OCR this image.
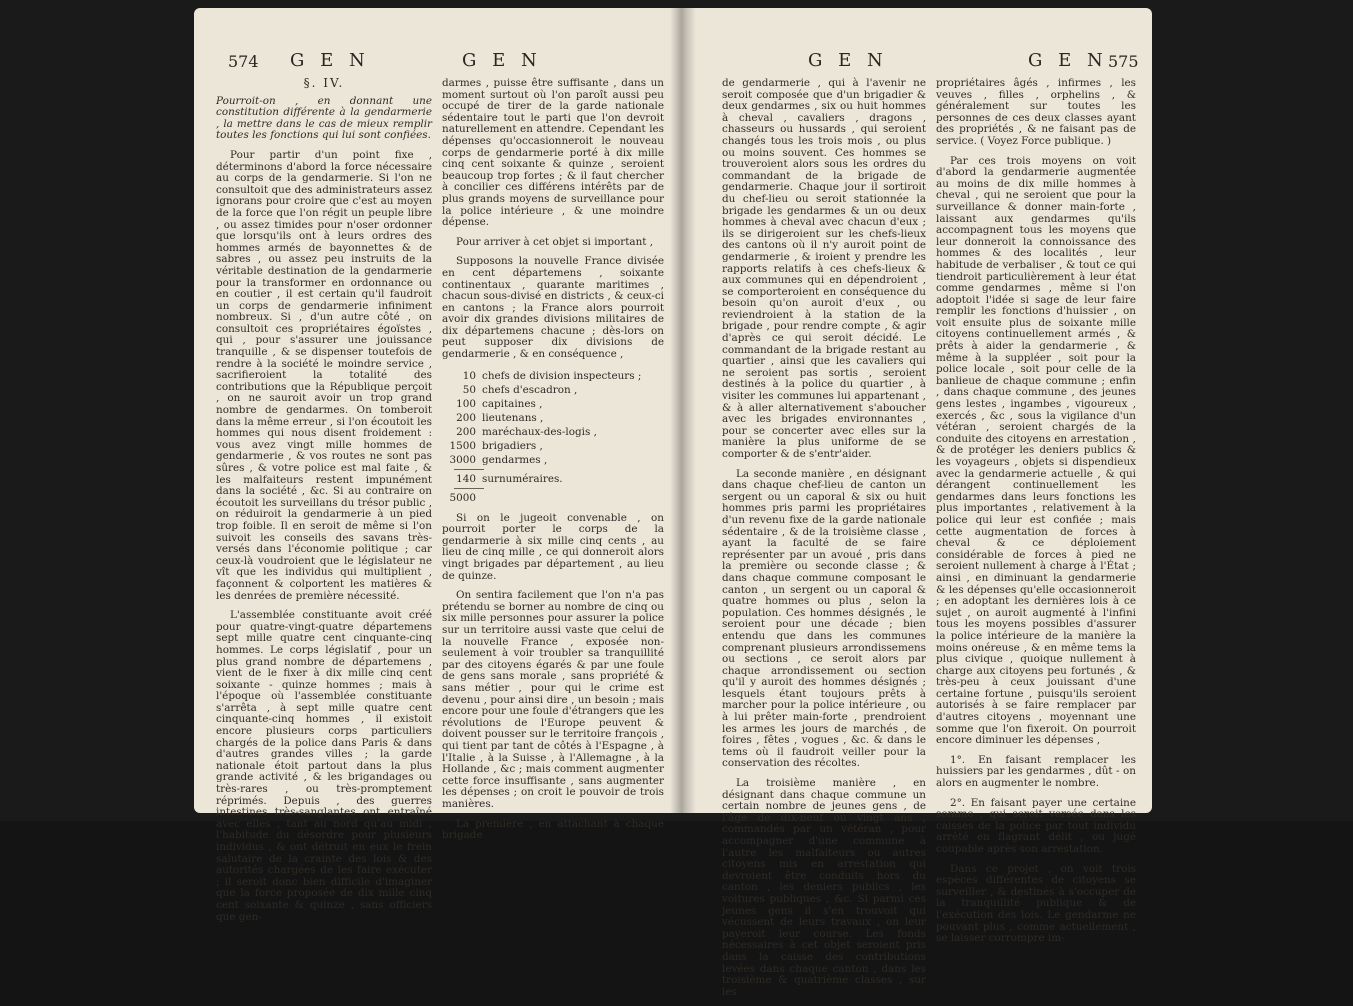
574 G E N	G E N
§. IV.

Pourroit-on , en donnant une constitution différente à la gendarmerie , la mettre dans le cas de mieux remplir toutes les fonctions qui lui sont confiées.

Pour partir d'un point fixe , déterminons d'abord la force nécessaire au corps de la gendarmerie. Si l'on ne consultoit que des administrateurs assez ignorans pour croire que c'est au moyen de la force que l'on régit un peuple libre , ou assez timides pour n'oser ordonner que lorsqu'ils ont à leurs ordres des hommes armés de bayonnettes & de sabres , ou assez peu instruits de la véritable destination de la gendarmerie pour la transformer en ordonnance ou en coutier , il est certain qu'il faudroit un corps de gendarmerie infiniment nombreux. Si , d'un autre côté , on consultoit ces propriétaires égoïstes , qui , pour s'assurer une jouissance tranquille , & se dispenser toutefois de rendre à la société le moindre service , sacrifieroient la totalité des contributions que la République perçoit , on ne sauroit avoir un trop grand nombre de gendarmes. On tomberoit dans la même erreur , si l'on écoutoit les hommes qui nous disent froidement : vous avez vingt mille hommes de gendarmerie , & vos routes ne sont pas sûres , & votre police est mal faite , & les malfaiteurs restent impunément dans la société , &c. Si au contraire on écoutoit les surveillans du trésor public , on réduiroit la gendarmerie à un pied trop foible. Il en seroit de même si l'on suivoit les conseils des savans très-versés dans l'économie politique ; car ceux-là voudroient que le législateur ne vît que les individus qui multiplient , façonnent & colportent les matières & les denrées de première nécessité.

L'assemblée constituante avoit créé pour quatre-vingt-quatre départemens sept mille quatre cent cinquante-cinq hommes. Le corps législatif , pour un plus grand nombre de départemens , vient de le fixer à dix mille cinq cent soixante - quinze hommes ; mais à l'époque où l'assemblée constituante s'arrêta , à sept mille quatre cent cinquante-cinq hommes , il existoit encore plusieurs corps particuliers chargés de la police dans Paris & dans d'autres grandes villes ; la garde nationale étoit partout dans la plus grande activité , & les brigandages ou très-rares , ou très-promptement réprimés. Depuis , des guerres intestines très-sanglantes ont entraîné avec elles , tant au nord qu'au midi , l'habitude du désordre pour plusieurs individus , & ont détruit en eux le frein salutaire de la crainte des lois & des autorités chargées de les faire exécuter ; il seroit donc bien difficile d'imaginer que la force proposée de dix mille cinq cent soixante & quinze , sans officiers que gen-

darmes , puisse être suffisante , dans un moment surtout où l'on paroît aussi peu occupé de tirer de la garde nationale sédentaire tout le parti que l'on devroit naturellement en attendre. Cependant les dépenses qu'occasionneroit le nouveau corps de gendarmerie porté à dix mille cinq cent soixante & quinze , seroient beaucoup trop fortes ; & il faut chercher à concilier ces différens intérêts par de plus grands moyens de surveillance pour la police intérieure , & une moindre dépense.

Pour arriver à cet objet si important ,

Supposons la nouvelle France divisée en cent départemens , soixante continentaux , quarante maritimes , chacun sous-divisé en districts , & ceux-ci en cantons ; la France alors pourroit avoir dix grandes divisions militaires de dix départemens chacune ; dès-lors on peut supposer dix divisions de gendarmerie , & en conséquence ,

10 chefs de division inspecteurs ;
50 chefs d'escadron ,
100 capitaines ,
200 lieutenans ,
200 maréchaux-des-logis ,
1500 brigadiers ,
3000 gendarmes ,
140 surnuméraires.
5000

Si on le jugeoit convenable , on pourroit porter le corps de la gendarmerie à six mille cinq cents , au lieu de cinq mille , ce qui donneroit alors vingt brigades par département , au lieu de quinze.

On sentira facilement que l'on n'a pas prétendu se borner au nombre de cinq ou six mille personnes pour assurer la police sur un territoire aussi vaste que celui de la nouvelle France , exposée non-seulement à voir troubler sa tranquillité par des citoyens égarés & par une foule de gens sans morale , sans propriété & sans métier , pour qui le crime est devenu , pour ainsi dire , un besoin ; mais encore pour une foule d'étrangers que les révolutions de l'Europe peuvent & doivent pousser sur le territoire françois , qui tient par tant de côtés à l'Espagne , à l'Italie , à la Suisse , à l'Allemagne , à la Hollande , &c ; mais comment augmenter cette force insuffisante , sans augmenter les dépenses ; on croit le pouvoir de trois manières.

La première , en attachant à chaque brigade

G E N	G E N 575

de gendarmerie , qui à l'avenir ne seroit composée que d'un brigadier & deux gendarmes , six ou huit hommes à cheval , cavaliers , dragons , chasseurs ou hussards , qui seroient changés tous les trois mois , ou plus ou moins souvent. Ces hommes se trouveroient alors sous les ordres du commandant de la brigade de gendarmerie. Chaque jour il sortiroit du chef-lieu ou seroit stationnée la brigade les gendarmes & un ou deux hommes à cheval avec chacun d'eux ; ils se dirigeroient sur les chefs-lieux des cantons où il n'y auroit point de gendarmerie , & iroient y prendre les rapports relatifs à ces chefs-lieux & aux communes qui en dépendroient , se comporteroient en conséquence du besoin qu'on auroit d'eux , ou reviendroient à la station de la brigade , pour rendre compte , & agir d'après ce qui seroit décidé. Le commandant de la brigade restant au quartier , ainsi que les cavaliers qui ne seroient pas sortis , seroient destinés à la police du quartier , à visiter les communes lui appartenant , & à aller alternativement s'aboucher avec les brigades environnantes , pour se concerter avec elles sur la manière la plus uniforme de se comporter & de s'entr'aider.

La seconde manière , en désignant dans chaque chef-lieu de canton un sergent ou un caporal & six ou huit hommes pris parmi les propriétaires d'un revenu fixe de la garde nationale sédentaire , & de la troisième classe , ayant la faculté de se faire représenter par un avoué , pris dans la première ou seconde classe ; & dans chaque commune composant le canton , un sergent ou un caporal & quatre hommes ou plus , selon la population. Ces hommes désignés , le seroient pour une décade ; bien entendu que dans les communes comprenant plusieurs arrondissemens ou sections , ce seroit alors par chaque arrondissement ou section qu'il y auroit des hommes désignés ; lesquels étant toujours prêts à marcher pour la police intérieure , ou à lui prêter main-forte , prendroient les armes les jours de marchés , de foires , fêtes , vogues , &c. & dans le tems où il faudroit veiller pour la conservation des récoltes.

La troisième manière , en désignant dans chaque commune un certain nombre de jeunes gens , de l'âge de dix-neuf ou vingt ans , commandés par un vétéran , pour accompagner d'une commune à l'autre les malfaiteurs ou autres citoyens mis en arrestation qui devroient être conduits hors du canton , les deniers publics , les voitures publiques , &c. Si parmi ces jeunes gens il s'en trouvoit qui vécussent de leurs travaux , on leur payeroit leur course. Les fonds nécessaires à cet objet seroient pris dans la caisse des contributions levées dans chaque canton , dans les troisième & quatrième classes , sur les

propriétaires âgés , infirmes , les veuves , filles , orphelins , & généralement sur toutes les personnes de ces deux classes ayant des propriétés , & ne faisant pas de service. ( Voyez Force publique. )

Par ces trois moyens on voit d'abord la gendarmerie augmentée au moins de dix mille hommes à cheval , qui ne seroient que pour la surveillance & donner main-forte , laissant aux gendarmes qu'ils accompagnent tous les moyens que leur donneroit la connoissance des hommes & des localités , leur habitude de verbaliser , & tout ce qui tiendroit particulièrement à leur état comme gendarmes , même si l'on adoptoit l'idée si sage de leur faire remplir les fonctions d'huissier , on voit ensuite plus de soixante mille citoyens continuellement armés , & prêts à aider la gendarmerie , & même à la suppléer , soit pour la police locale , soit pour celle de la banlieue de chaque commune ; enfin , dans chaque commune , des jeunes gens lestes , ingambes , vigoureux , exercés , &c , sous la vigilance d'un vétéran , seroient chargés de la conduite des citoyens en arrestation , & de protéger les deniers publics & les voyageurs , objets si dispendieux avec la gendarmerie actuelle , & qui dérangent continuellement les gendarmes dans leurs fonctions les plus importantes , relativement à la police qui leur est confiée ; mais cette augmentation de forces à cheval & ce déploiement considérable de forces à pied ne seroient nullement à charge à l'État ; ainsi , en diminuant la gendarmerie & les dépenses qu'elle occasionneroit ; en adoptant les dernières lois à ce sujet , on auroit augmenté à l'infini tous les moyens possibles d'assurer la police intérieure de la manière la moins onéreuse , & en même tems la plus civique , quoique nullement à charge aux citoyens peu fortunés , & très-peu à ceux jouissant d'une certaine fortune , puisqu'ils seroient autorisés à se faire remplacer par d'autres citoyens , moyennant une somme que l'on fixeroit. On pourroit encore diminuer les dépenses ,

1°. En faisant remplacer les huissiers par les gendarmes , dût - on alors en augmenter le nombre.

2°. En faisant payer une certaine somme , qui seroit versée dans les caisses de la police par tout individu arrêté en flagrant délit , ou jugé coupable après son arrestation.

Dans ce projet , on voit trois espèces différentes de citoyens se surveiller , & destinés à s'occuper de la tranquillité publique & de l'exécution des lois. Le gendarme ne pouvant plus , comme actuellement , se laisser corrompre im-
